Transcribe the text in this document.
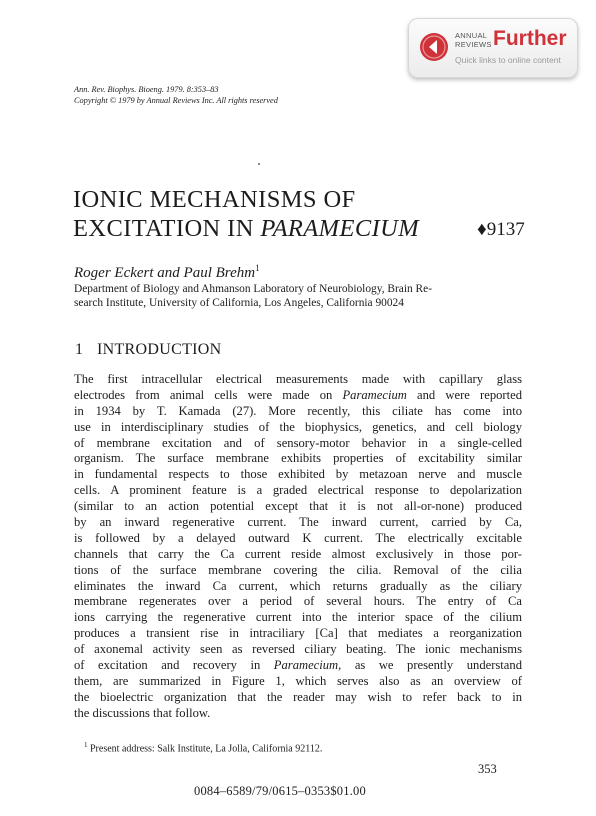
ANNUAL
REVIEWS Further
Quick links to online content
Ann. Rev. Biophys. Bioeng. 1979. 8:353–83
Copyright © 1979 by Annual Reviews Inc. All rights reserved
IONIC MECHANISMS OF
EXCITATION IN PARAMECIUM	♦9137
Roger Eckert and Paul Brehm$^1$
Department of Biology and Ahmanson Laboratory of Neurobiology, Brain Re-
search Institute, University of California, Los Angeles, California 90024
1 INTRODUCTION
The first intracellular electrical measurements made with capillary glass
electrodes from animal cells were made on Paramecium and were reported
in 1934 by T. Kamada (27). More recently, this ciliate has come into
use in interdisciplinary studies of the biophysics, genetics, and cell biology
of membrane excitation and of sensory-motor behavior in a single-celled
organism. The surface membrane exhibits properties of excitability similar
in fundamental respects to those exhibited by metazoan nerve and muscle
cells. A prominent feature is a graded electrical response to depolarization
(similar to an action potential except that it is not all-or-none) produced
by an inward regenerative current. The inward current, carried by Ca,
is followed by a delayed outward K current. The electrically excitable
channels that carry the Ca current reside almost exclusively in those por-
tions of the surface membrane covering the cilia. Removal of the cilia
eliminates the inward Ca current, which returns gradually as the ciliary
membrane regenerates over a period of several hours. The entry of Ca
ions carrying the regenerative current into the interior space of the cilium
produces a transient rise in intraciliary [Ca] that mediates a reorganization
of axonemal activity seen as reversed ciliary beating. The ionic mechanisms
of excitation and recovery in Paramecium, as we presently understand
them, are summarized in Figure 1, which serves also as an overview of
the bioelectric organization that the reader may wish to refer back to in
the discussions that follow.
$^1$ Present address: Salk Institute, La Jolla, California 92112.
353
0084–6589/79/0615–0353$01.00
